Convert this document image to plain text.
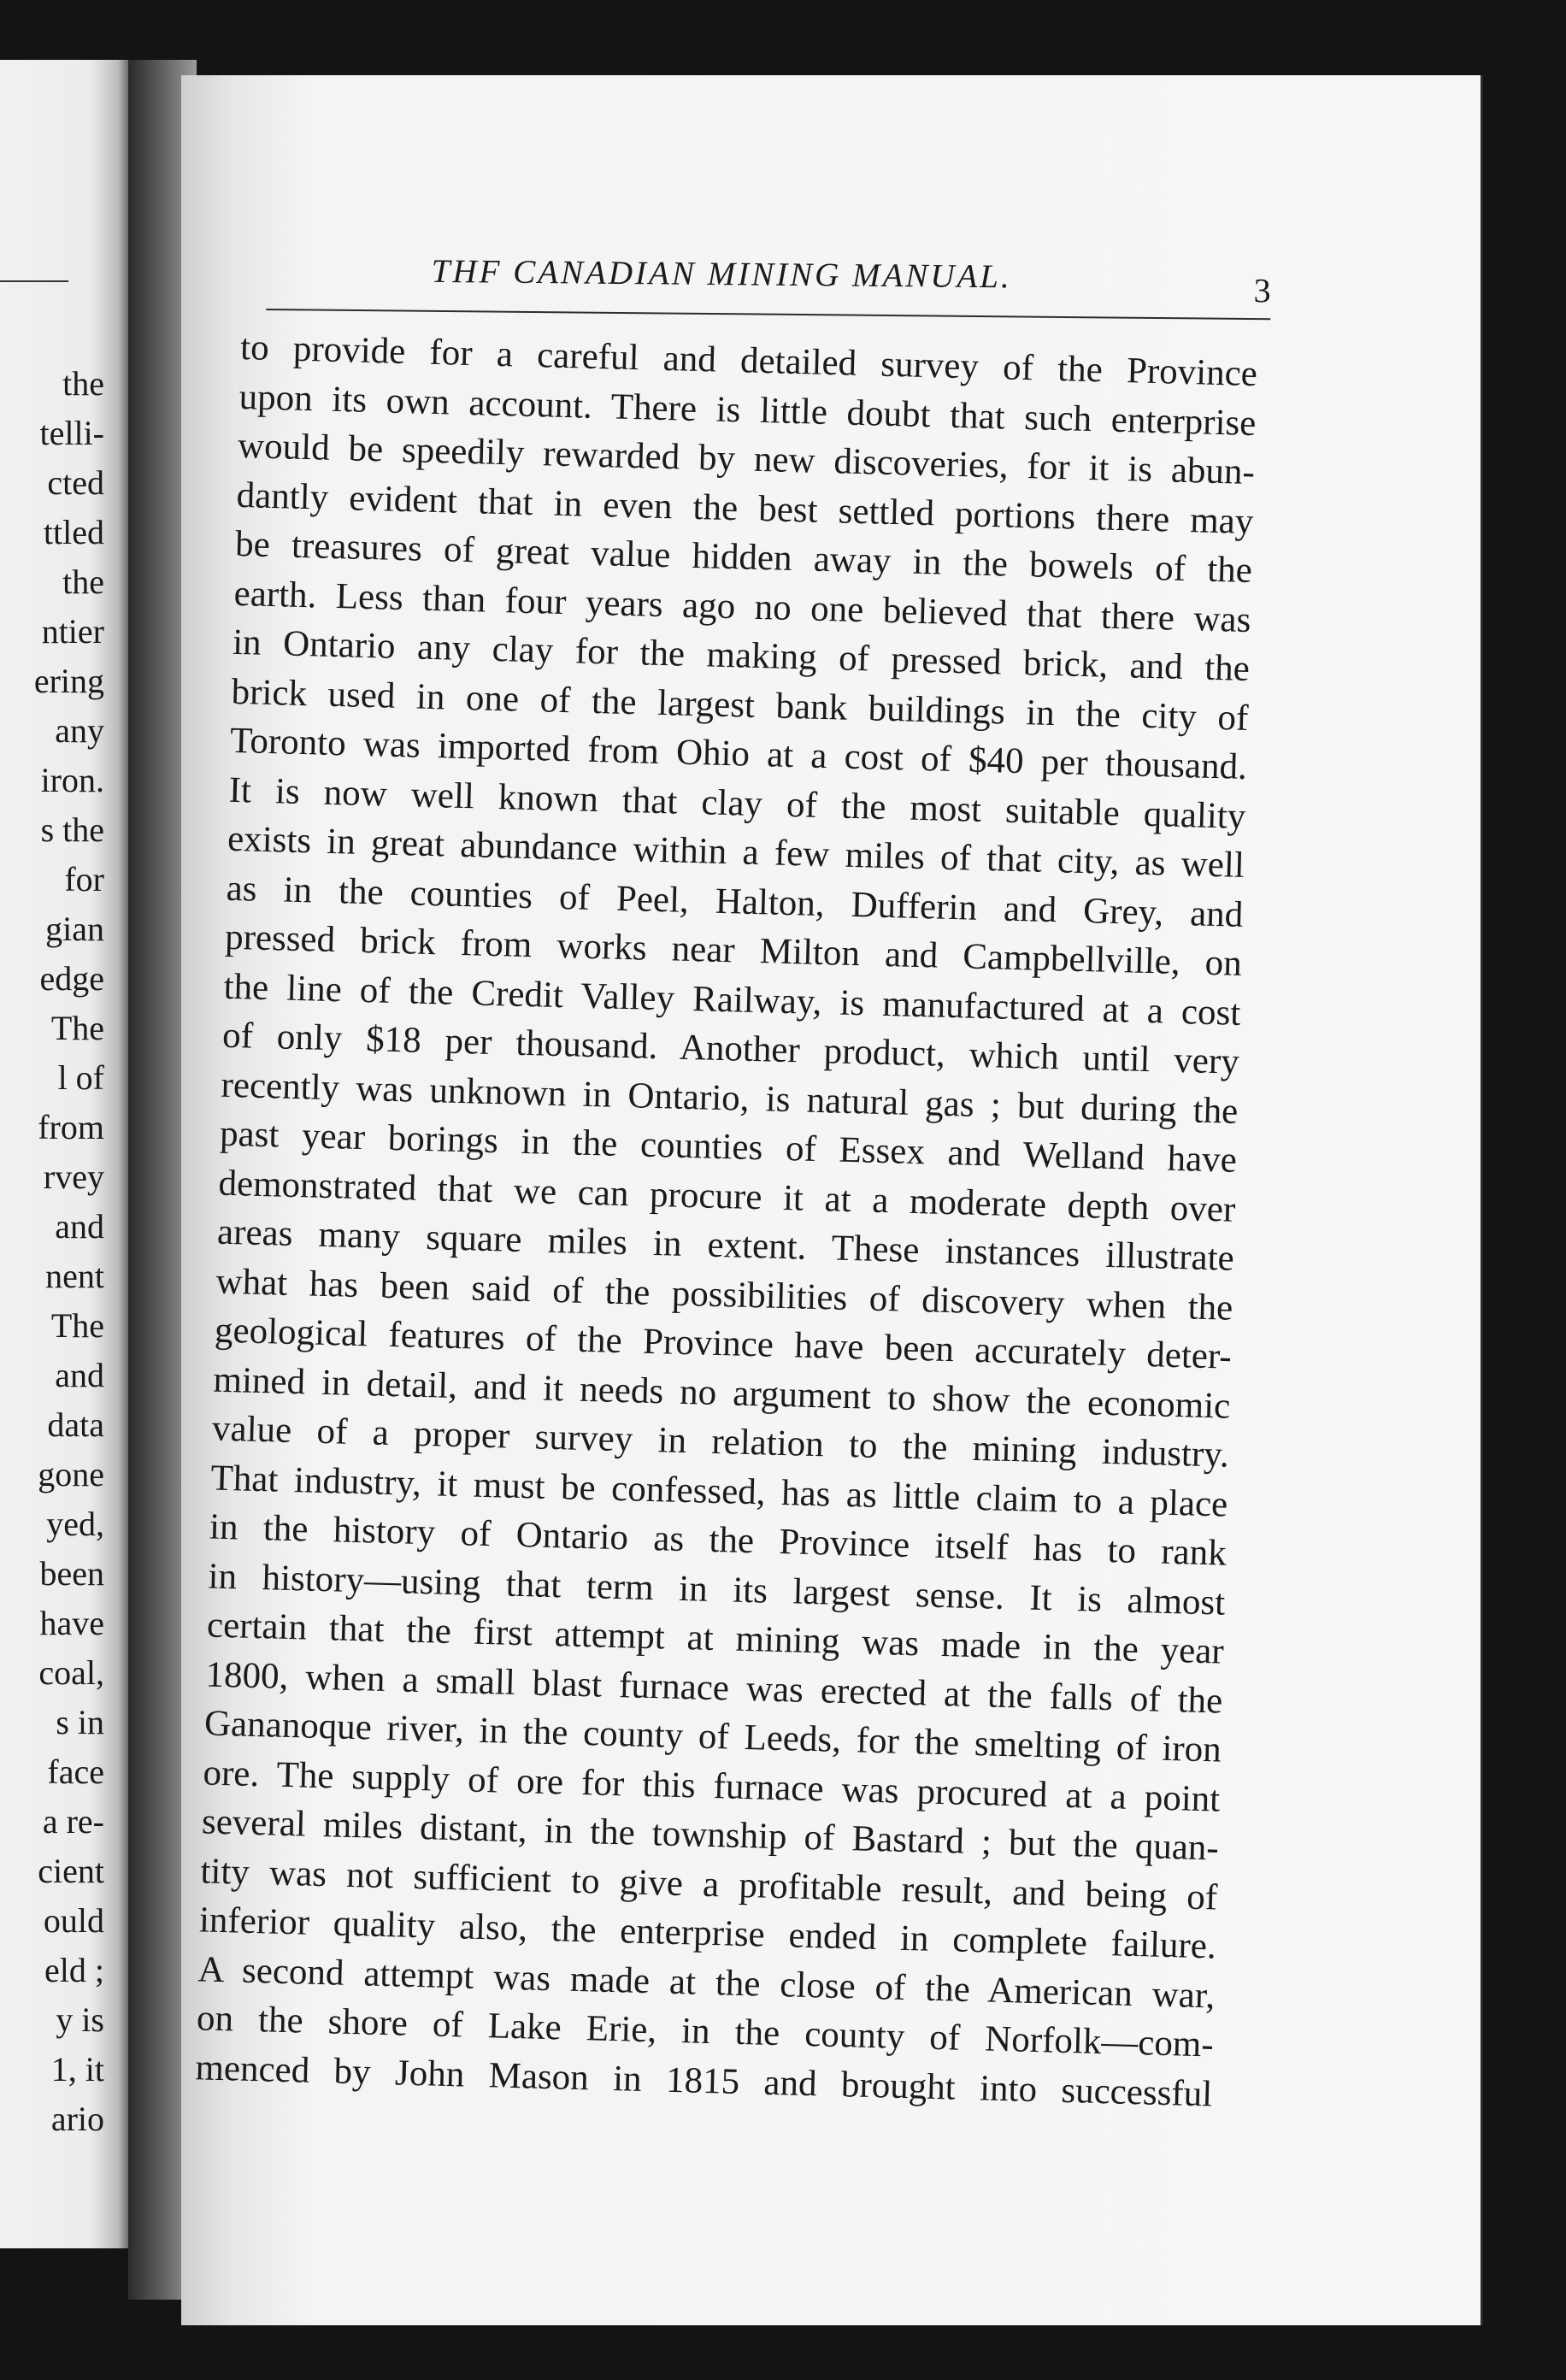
the
telli-
cted
ttled
the
ntier
ering
any
iron.
s the
for
gian
edge
The
l of
from
rvey
and
nent
The
and
data
gone
yed,
been
have
coal,
s in
face
a re-
cient
ould
eld ;
y is
1, it
ario
THF CANADIAN MINING MANUAL.	3
to provide for a careful and detailed survey of the Province
upon its own account. There is little doubt that such enterprise
would be speedily rewarded by new discoveries, for it is abun-
dantly evident that in even the best settled portions there may
be treasures of great value hidden away in the bowels of the
earth. Less than four years ago no one believed that there was
in Ontario any clay for the making of pressed brick, and the
brick used in one of the largest bank buildings in the city of
Toronto was imported from Ohio at a cost of $40 per thousand.
It is now well known that clay of the most suitable quality
exists in great abundance within a few miles of that city, as well
as in the counties of Peel, Halton, Dufferin and Grey, and
pressed brick from works near Milton and Campbellville, on
the line of the Credit Valley Railway, is manufactured at a cost
of only $18 per thousand. Another product, which until very
recently was unknown in Ontario, is natural gas ; but during the
past year borings in the counties of Essex and Welland have
demonstrated that we can procure it at a moderate depth over
areas many square miles in extent. These instances illustrate
what has been said of the possibilities of discovery when the
geological features of the Province have been accurately deter-
mined in detail, and it needs no argument to show the economic
value of a proper survey in relation to the mining industry.
That industry, it must be confessed, has as little claim to a place
in the history of Ontario as the Province itself has to rank
in history—using that term in its largest sense. It is almost
certain that the first attempt at mining was made in the year
1800, when a small blast furnace was erected at the falls of the
Gananoque river, in the county of Leeds, for the smelting of iron
ore. The supply of ore for this furnace was procured at a point
several miles distant, in the township of Bastard ; but the quan-
tity was not sufficient to give a profitable result, and being of
inferior quality also, the enterprise ended in complete failure.
A second attempt was made at the close of the American war,
on the shore of Lake Erie, in the county of Norfolk—com-
menced by John Mason in 1815 and brought into successful
